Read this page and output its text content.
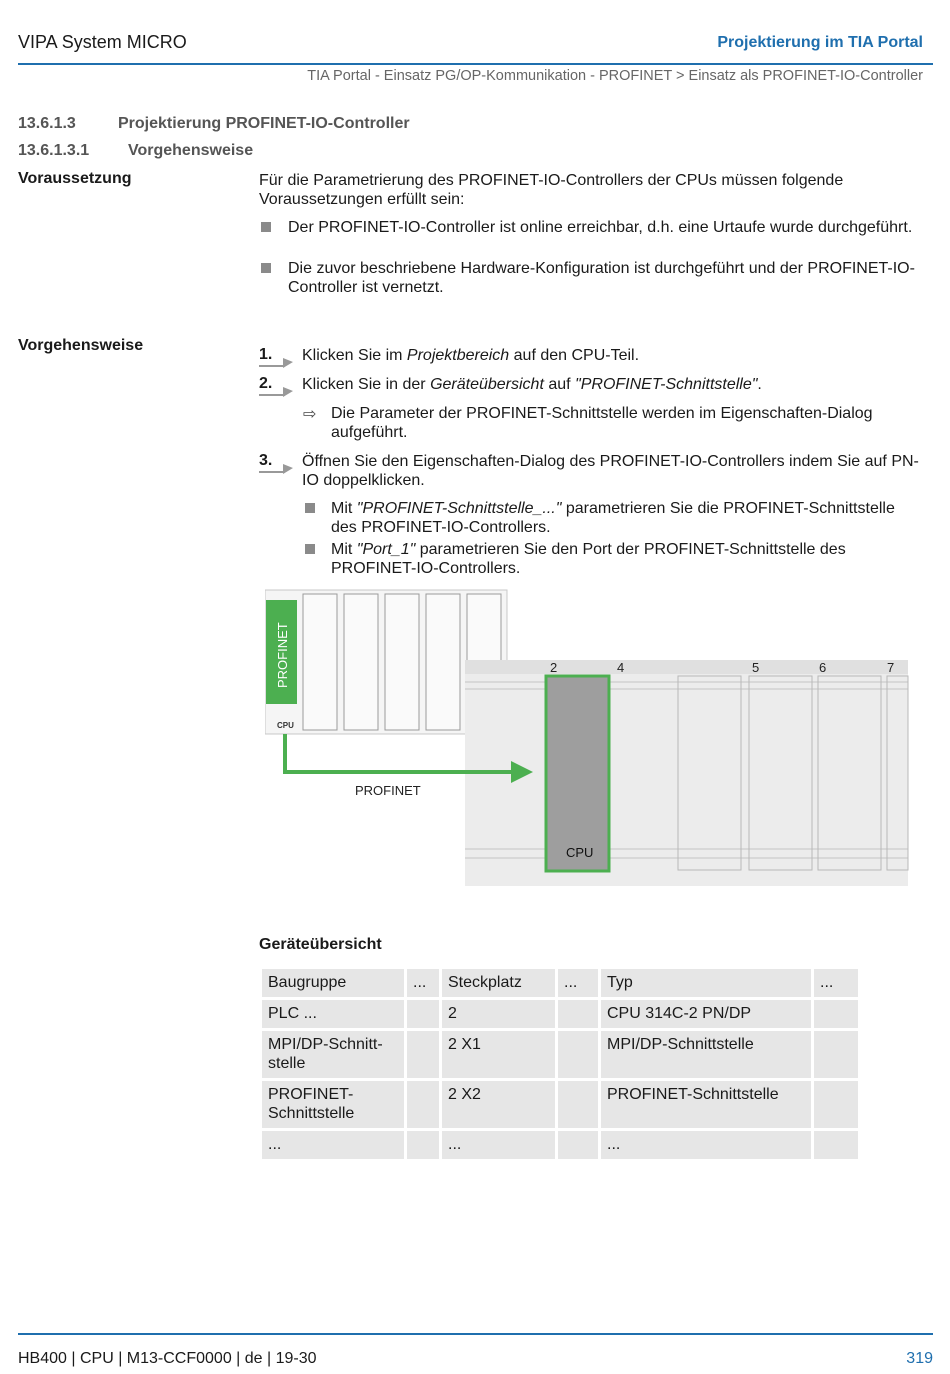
VIPA System MICRO	Projektierung im TIA Portal
TIA Portal - Einsatz PG/OP-Kommunikation - PROFINET > Einsatz als PROFINET-IO-Controller
13.6.1.3	Projektierung PROFINET-IO-Controller
13.6.1.3.1 Vorgehensweise
Voraussetzung	Für die Parametrierung des PROFINET-IO-Controllers der CPUs müssen folgende Voraussetzungen erfüllt sein:
Der PROFINET-IO-Controller ist online erreichbar, d.h. eine Urtaufe wurde durchgeführt.
Die zuvor beschriebene Hardware-Konfiguration ist durchgeführt und der PROFINET-IO-Controller ist vernetzt.
Vorgehensweise
1. Klicken Sie im Projektbereich auf den CPU-Teil.
2. Klicken Sie in der Geräteübersicht auf "PROFINET-Schnittstelle".
⇨ Die Parameter der PROFINET-Schnittstelle werden im Eigenschaften-Dialog aufgeführt.
3. Öffnen Sie den Eigenschaften-Dialog des PROFINET-IO-Controllers indem Sie auf PN-IO doppelklicken.
Mit "PROFINET-Schnittstelle_..." parametrieren Sie die PROFINET-Schnittstelle des PROFINET-IO-Controllers.
Mit "Port_1" parametrieren Sie den Port der PROFINET-Schnittstelle des PROFINET-IO-Controllers.
PROFINET
CPU
2	4	5	6	7
CPU
PROFINET
Geräteübersicht
Baugruppe	...	Steckplatz	...	Typ	...
PLC ...		2		CPU 314C-2 PN/DP	
MPI/DP-Schnitt-stelle		2 X1		MPI/DP-Schnittstelle	
PROFINET-Schnittstelle		2 X2		PROFINET-Schnittstelle	
...		...		...	
HB400 | CPU | M13-CCF0000 | de | 19-30	319
